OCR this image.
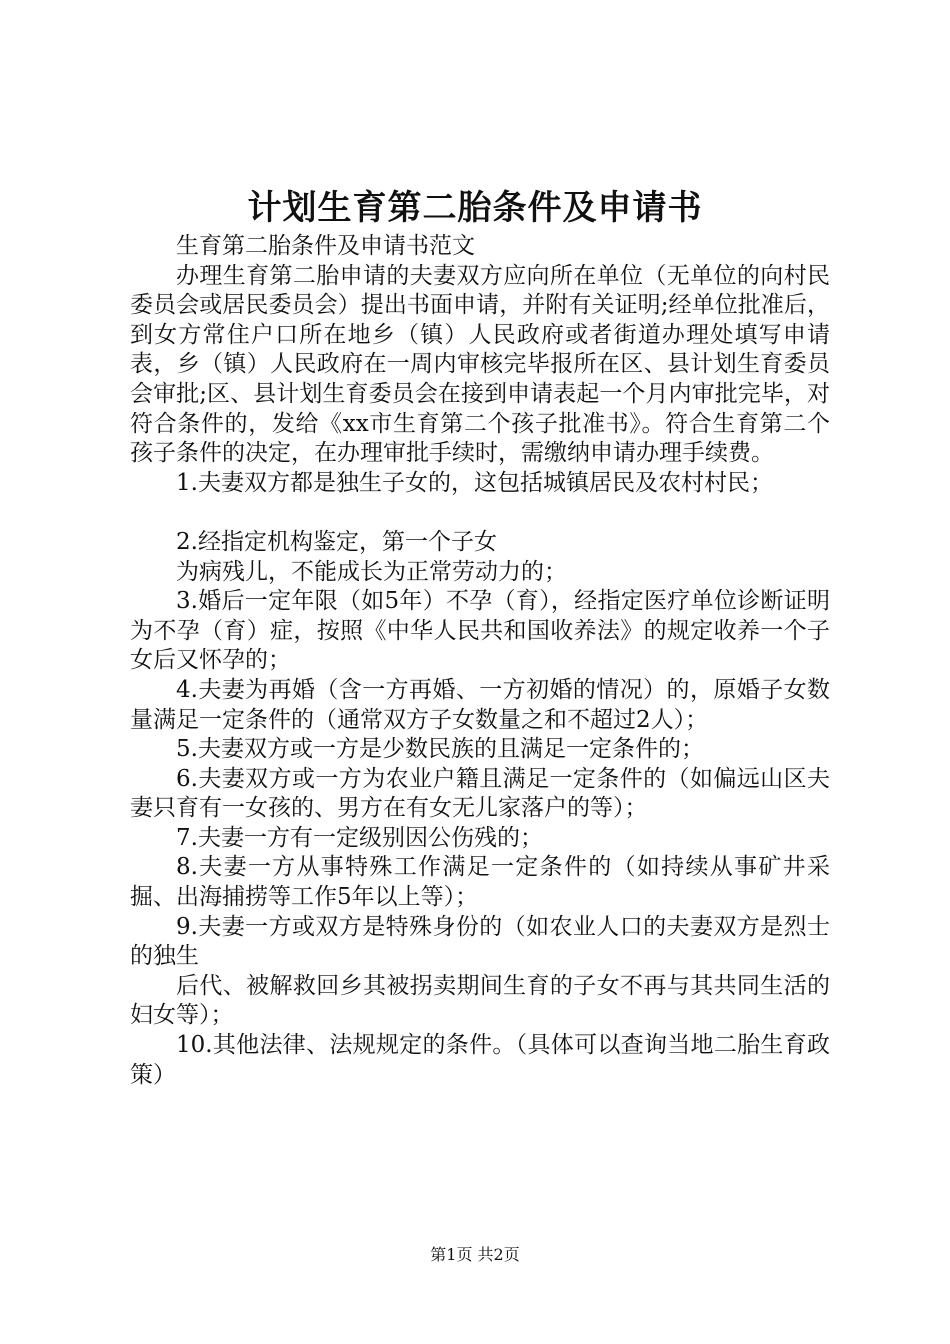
计划生育第二胎条件及申请书

生育第二胎条件及申请书范文

办理生育第二胎申请的夫妻双方应向所在单位（无单位的向村民委员会或居民委员会）提出书面申请，并附有关证明;经单位批准后，到女方常住户口所在地乡（镇）人民政府或者街道办理处填写申请表，乡（镇）人民政府在一周内审核完毕报所在区、县计划生育委员会审批;区、县计划生育委员会在接到申请表起一个月内审批完毕，对符合条件的，发给《xx市生育第二个孩子批准书》。符合生育第二个孩子条件的决定，在办理审批手续时，需缴纳申请办理手续费。

1.夫妻双方都是独生子女的，这包括城镇居民及农村村民；

2.经指定机构鉴定，第一个子女

为病残儿，不能成长为正常劳动力的；

3.婚后一定年限（如5年）不孕（育），经指定医疗单位诊断证明为不孕（育）症，按照《中华人民共和国收养法》的规定收养一个子女后又怀孕的；

4.夫妻为再婚（含一方再婚、一方初婚的情况）的，原婚子女数量满足一定条件的（通常双方子女数量之和不超过2人）；

5.夫妻双方或一方是少数民族的且满足一定条件的；

6.夫妻双方或一方为农业户籍且满足一定条件的（如偏远山区夫妻只育有一女孩的、男方在有女无儿家落户的等）；

7.夫妻一方有一定级别因公伤残的；

8.夫妻一方从事特殊工作满足一定条件的（如持续从事矿井采掘、出海捕捞等工作5年以上等）；

9.夫妻一方或双方是特殊身份的（如农业人口的夫妻双方是烈士的独生

后代、被解救回乡其被拐卖期间生育的子女不再与其共同生活的妇女等）；

10.其他法律、法规规定的条件。（具体可以查询当地二胎生育政策）

第1页 共2页
